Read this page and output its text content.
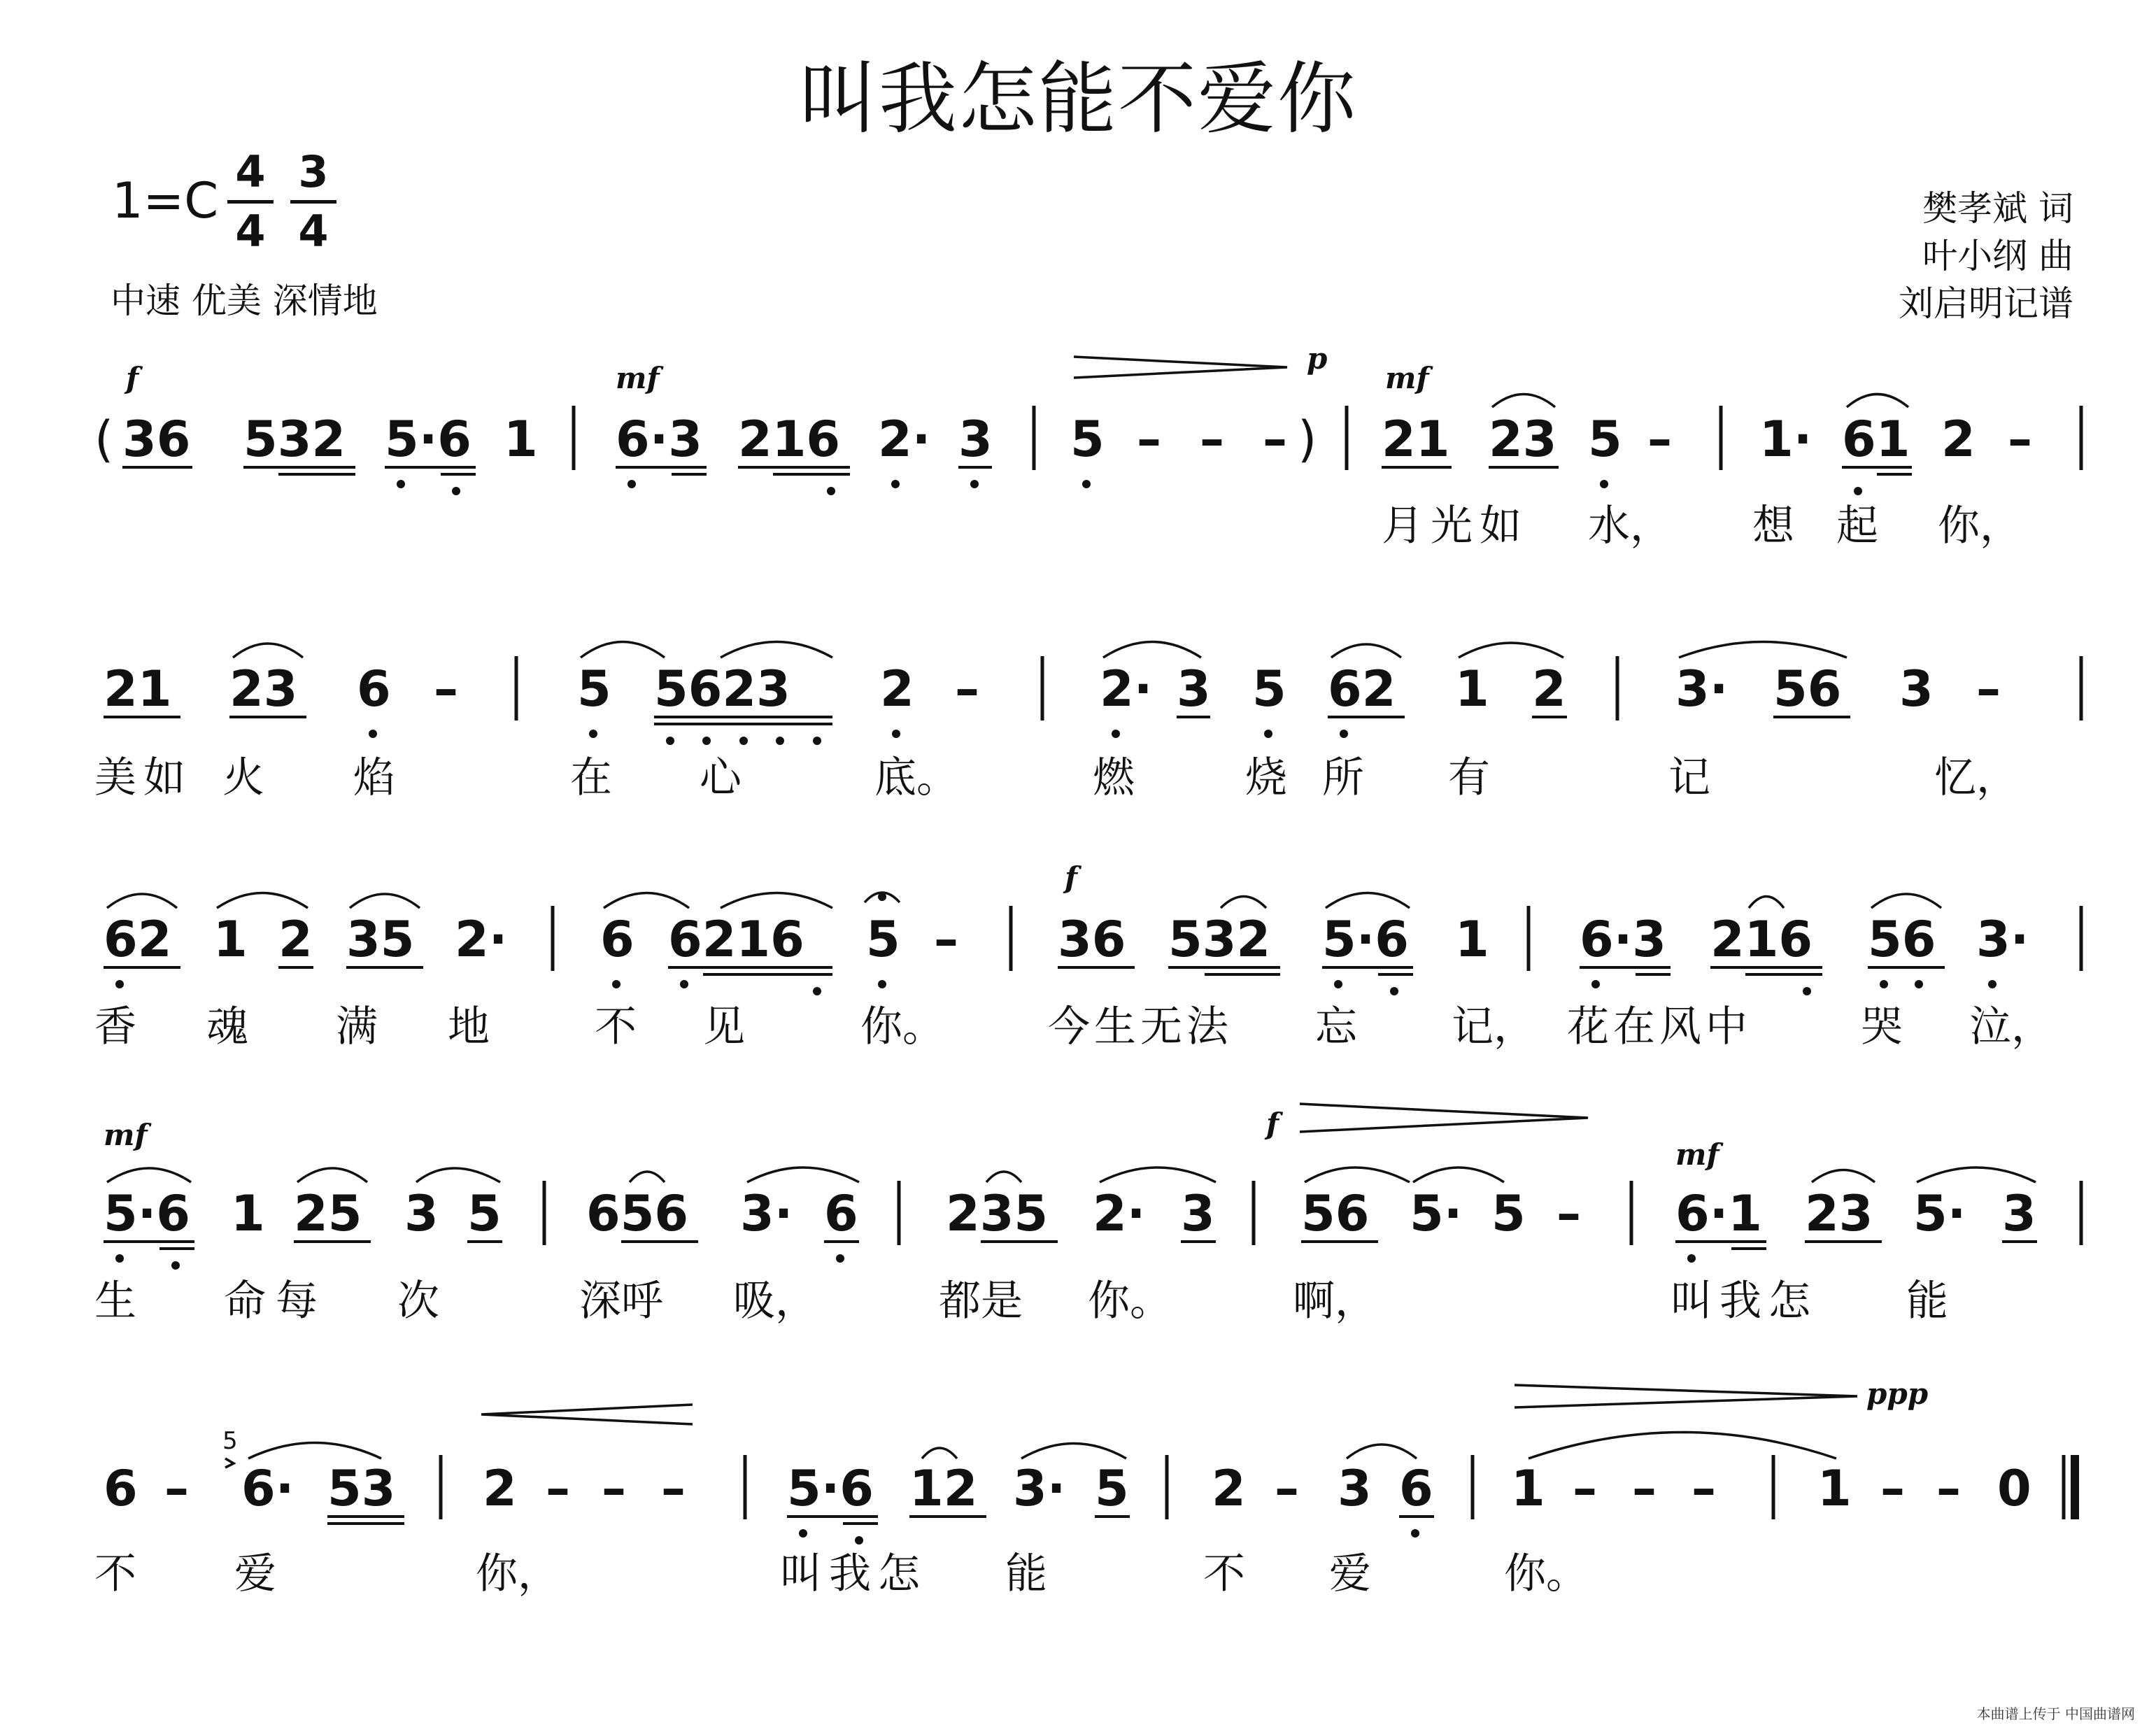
叫我怎能不爱你
1=C
4
4
3
4
中速 优美 深情地
樊孝斌 词
叶小纲 曲
刘启明记谱
( 36 532 5·6 1 6·3 216 2· 3 5 – – – ) 21 23 5 – 1· 61 2 –
月光如 水， 想 起 你，
f	mf
p
mf
21 23 6 – 5 5623 2 – 2· 3 5 62 1 2 3· 56 3 –
美如 火 焰	在 心	底。	燃	烧 所 有	记	忆，
62 1 2 35 2· 6 6216 5 – 36 532 5·6 1 6·3 216 56 3·
香 魂 满 地	不 见	你。 今生无法 忘 记， 花在风中	哭 泣，
f
5·6 1 25 3 5 656 3· 6 235 2· 3 56 5· 5 – 6·1 23 5· 3
生 命每 次	深呼 吸，	都是 你。	啊，	叫我怎 能
mf	f
mf
6 – 6· 53 2 – – – 5·6 12 3· 5 2 – 3 6 1 – – – 1 – – 0
不 爱	你，	叫我怎 能	不 爱	你。
ppp
5
本曲谱上传于 中国曲谱网
